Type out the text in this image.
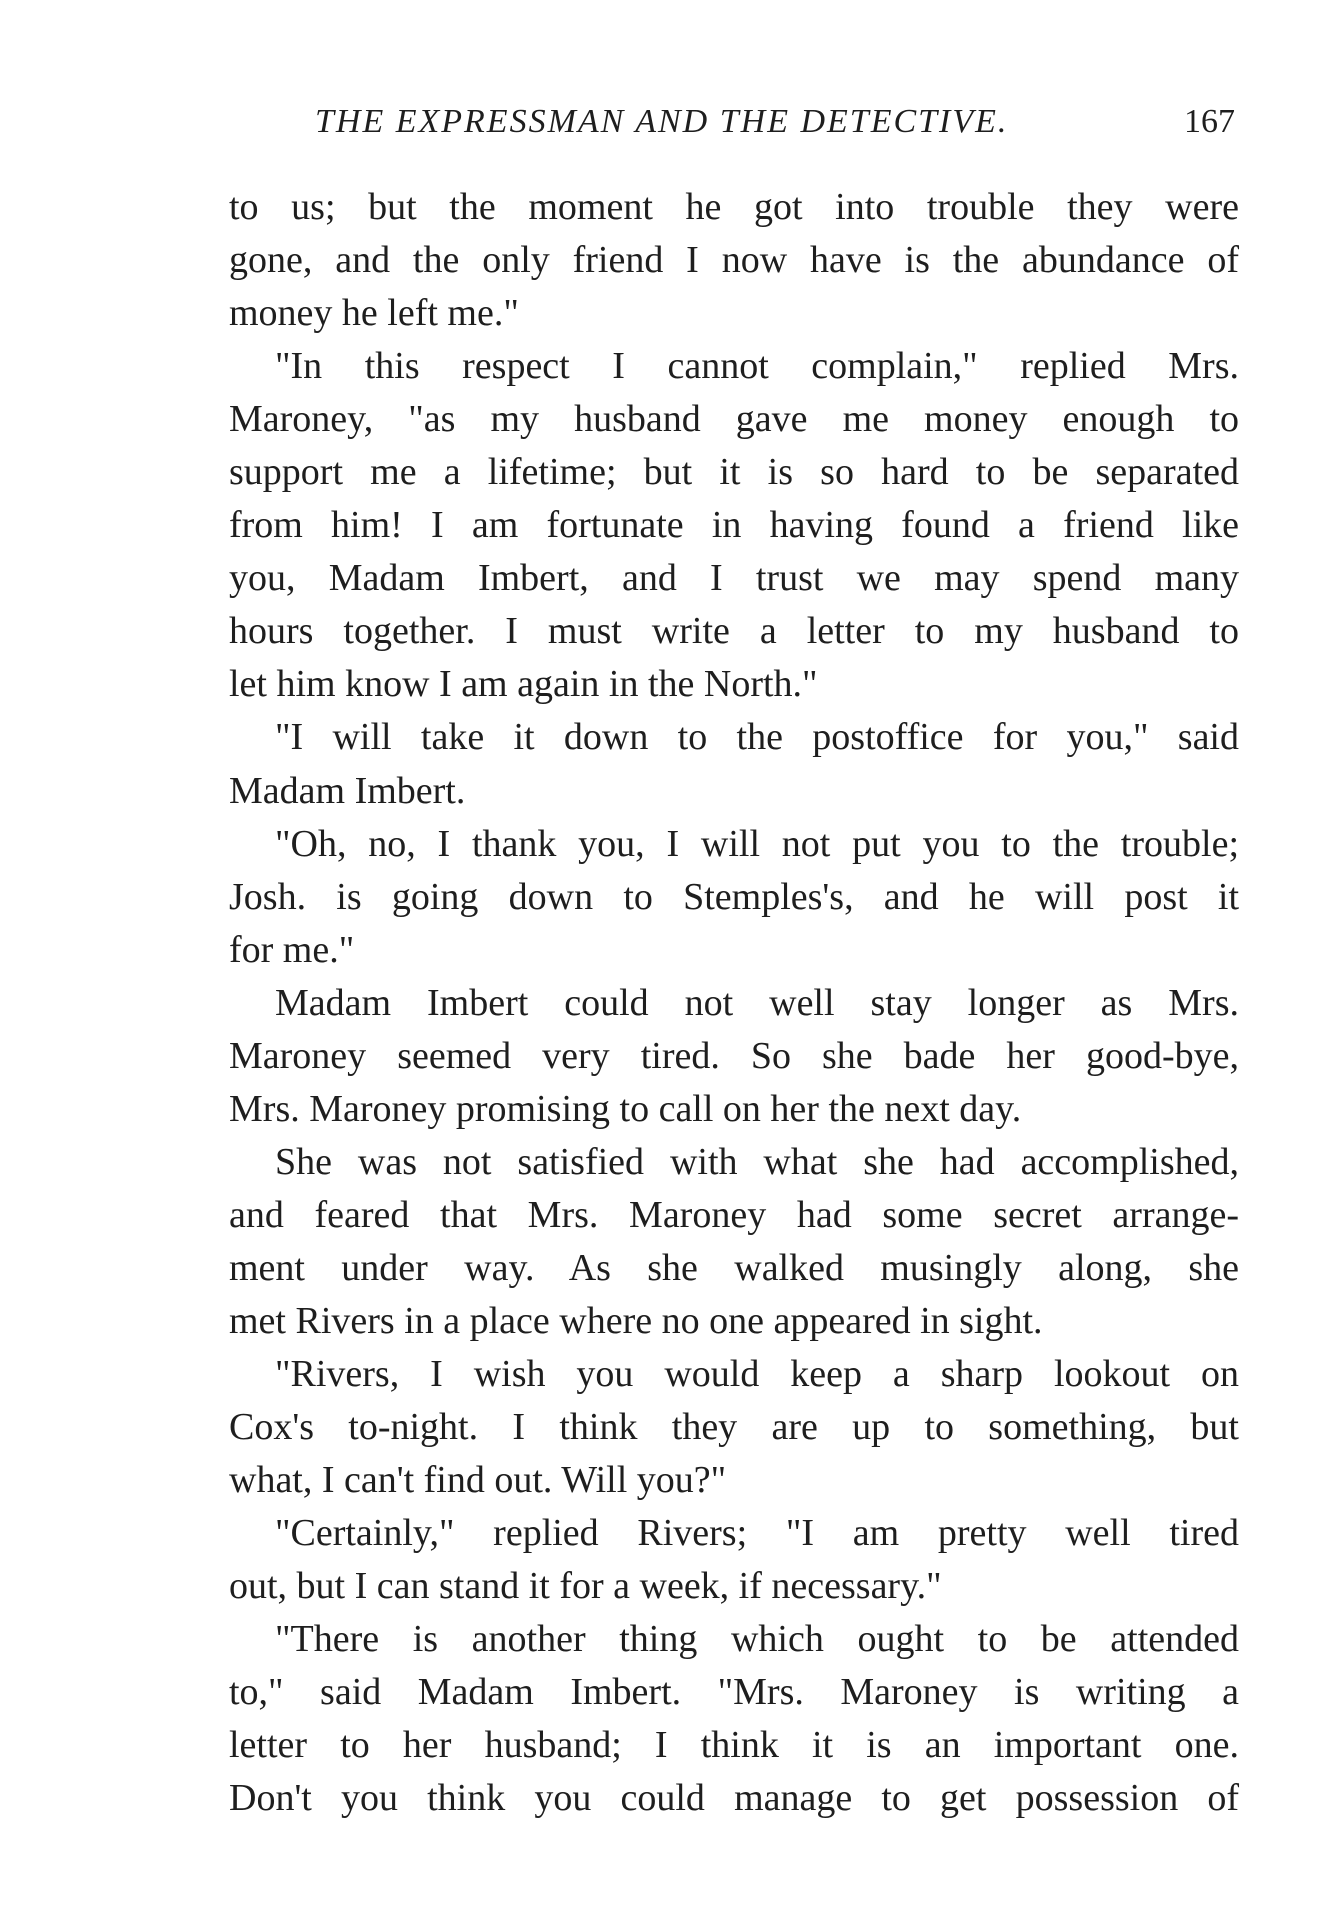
THE EXPRESSMAN AND THE DETECTIVE.	167
to us; but the moment he got into trouble they were
gone, and the only friend I now have is the abundance of
money he left me."
"In this respect I cannot complain," replied Mrs.
Maroney, "as my husband gave me money enough to
support me a lifetime; but it is so hard to be separated
from him! I am fortunate in having found a friend like
you, Madam Imbert, and I trust we may spend many
hours together. I must write a letter to my husband to
let him know I am again in the North."
"I will take it down to the postoffice for you," said
Madam Imbert.
"Oh, no, I thank you, I will not put you to the trouble;
Josh. is going down to Stemples's, and he will post it
for me."
Madam Imbert could not well stay longer as Mrs.
Maroney seemed very tired. So she bade her good-bye,
Mrs. Maroney promising to call on her the next day.
She was not satisfied with what she had accomplished,
and feared that Mrs. Maroney had some secret arrange-
ment under way. As she walked musingly along, she
met Rivers in a place where no one appeared in sight.
"Rivers, I wish you would keep a sharp lookout on
Cox's to-night. I think they are up to something, but
what, I can't find out. Will you?"
"Certainly," replied Rivers; "I am pretty well tired
out, but I can stand it for a week, if necessary."
"There is another thing which ought to be attended
to," said Madam Imbert. "Mrs. Maroney is writing a
letter to her husband; I think it is an important one.
Don't you think you could manage to get possession of
